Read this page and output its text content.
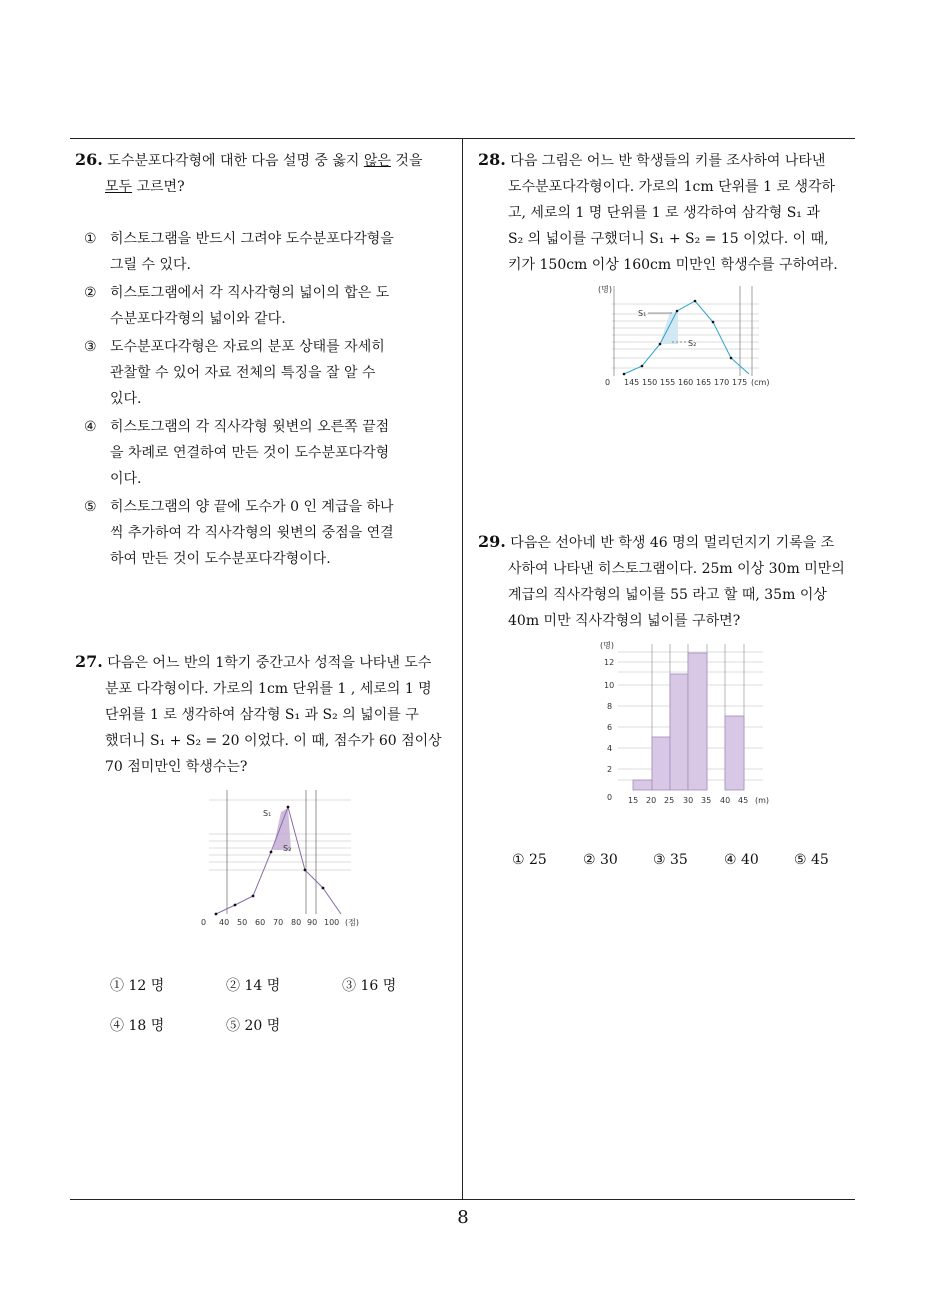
26. 도수분포다각형에 대한 다음 설명 중 옳지 않은 것을
모두 고르면?
① 히스토그램을 반드시 그려야 도수분포다각형을
그릴 수 있다.
② 히스토그램에서 각 직사각형의 넓이의 합은 도
수분포다각형의 넓이와 같다.
③ 도수분포다각형은 자료의 분포 상태를 자세히
관찰할 수 있어 자료 전체의 특징을 잘 알 수
있다.
④ 히스토그램의 각 직사각형 윗변의 오른쪽 끝점
을 차례로 연결하여 만든 것이 도수분포다각형
이다.
⑤ 히스토그램의 양 끝에 도수가 0 인 계급을 하나
씩 추가하여 각 직사각형의 윗변의 중점을 연결
하여 만든 것이 도수분포다각형이다.
27. 다음은 어느 반의 1학기 중간고사 성적을 나타낸 도수
분포 다각형이다. 가로의 1cm 단위를 1 , 세로의 1 명
단위를 1 로 생각하여 삼각형 S₁ 과 S₂ 의 넓이를 구
했더니 S₁ + S₂ = 20 이었다. 이 때, 점수가 60 점이상
70 점미만인 학생수는?
S₁
S₂
0 40 50 60 70 80 90 100 (점)
① 12 명	② 14 명	③ 16 명
④ 18 명	⑤ 20 명
28. 다음 그림은 어느 반 학생들의 키를 조사하여 나타낸
도수분포다각형이다. 가로의 1cm 단위를 1 로 생각하
고, 세로의 1 명 단위를 1 로 생각하여 삼각형 S₁ 과
S₂ 의 넓이를 구했더니 S₁ + S₂ = 15 이었다. 이 때,
키가 150cm 이상 160cm 미만인 학생수를 구하여라.
(명)
S₁
S₂
0 145 150 155 160 165 170 175 (cm)
29. 다음은 선아네 반 학생 46 명의 멀리던지기 기록을 조
사하여 나타낸 히스토그램이다. 25m 이상 30m 미만의
계급의 직사각형의 넓이를 55 라고 할 때, 35m 이상
40m 미만 직사각형의 넓이를 구하면?
(명)
12
10
8
6
4
2
0 15 20 25 30 35 40 45 (m)
① 25	② 30	③ 35	④ 40	⑤ 45
8
